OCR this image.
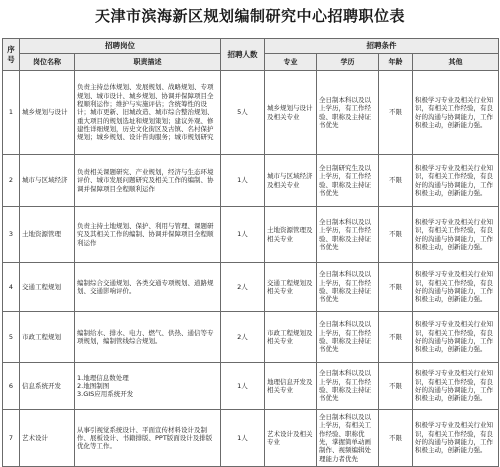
天津市滨海新区规划编制研究中心招聘职位表
序号	招聘岗位		招聘人数	招聘条件			
	岗位名称	职责描述		专业	学历	年龄	其他
1	城乡规划与设计	负责主持总体规划、发展规划、战略规划、专项规划、城市设计、城乡规划、协调并保障项目全程顺利运作；维护与实施评估；含统筹性的设计；城市更新、旧城改造、城市综合整治规划、重大项目的规划选址和规划策划；建议外观、修建性详细规划，历史文化街区及古镇、名村保护规划；城乡规划、设计咨询服务；城市规划研究	5人	城乡规划与设计及相关专业	全日制本科以及以上学历，有工作经验、职称及主持证书优先	不限	积极学习专业及相关行业知识，有相关工作经验，有良好的沟通与协调能力，工作积极主动，创新能力强。
2	城市与区域经济	负责相关课题研究、产业规划，经济与生态环境评价、城市发展问题研究及相关工作的编制、协调并保障项目全程顺利运作	1人	城市与区域经济及相关专业	全日制研究生及以上学历，有工作经验、职称及主持证书优先	不限	积极学习专业及相关行业知识，有相关工作经验，有良好的沟通与协调能力，工作积极主动，创新能力强。
3	土地资源管理	负责主持土地规划、保护、利用与管理、课题研究及其相关工作的编制、协调并保障项目全程顺利运作	1人	土地资源管理及相关专业	全日制本科以及以上学历，有工作经验、职称及主持证书优先	不限	积极学习专业及相关行业知识，有相关工作经验，有良好的沟通与协调能力，工作积极主动，创新能力强。
4	交通工程规划	编制综合交通规划、各类交通专项规划、道路规划、交通影响评价。	2人	交通工程规划及相关专业	全日制本科以及以上学历，有工作经验、职称及主持证书优先	不限	积极学习专业及相关行业知识，有相关工作经验，有良好的沟通与协调能力，工作积极主动，创新能力强。
5	市政工程规划	编制给水、排水、电力、燃气、供热、通信等专项规划，编制管线综合规划。	2人	市政工程规划及相关专业	全日制本科以及以上学历，有工作经验、职称及主持证书优先	不限	积极学习专业及相关行业知识，有相关工作经验，有良好的沟通与协调能力，工作积极主动，创新能力强。
6	信息系统开发	1.地理信息数处理
2.地图制图
3.GIS应用系统开发	1人	地理信息开发及相关专业	全日制本科以及以上学历，有工作经验、职称及主持证书优先	不限	积极学习专业及相关行业知识，有相关工作经验，有良好的沟通与协调能力，工作积极主动，创新能力强。
7	艺术设计	从事引视觉系统设计、平面宣传材料设计及制作、展板设计、书籍排版、PPT版面设计及排版优化等工作。	1人	艺术设计及相关专业	全日制本科以及以上学历，有相关工作经验、职称优先，掌握简单动画制作、视频编辑处理能力者优先	不限	积极学习专业及相关行业知识，有相关工作经验，有良好的沟通与协调能力，工作积极主动，创新能力强。
